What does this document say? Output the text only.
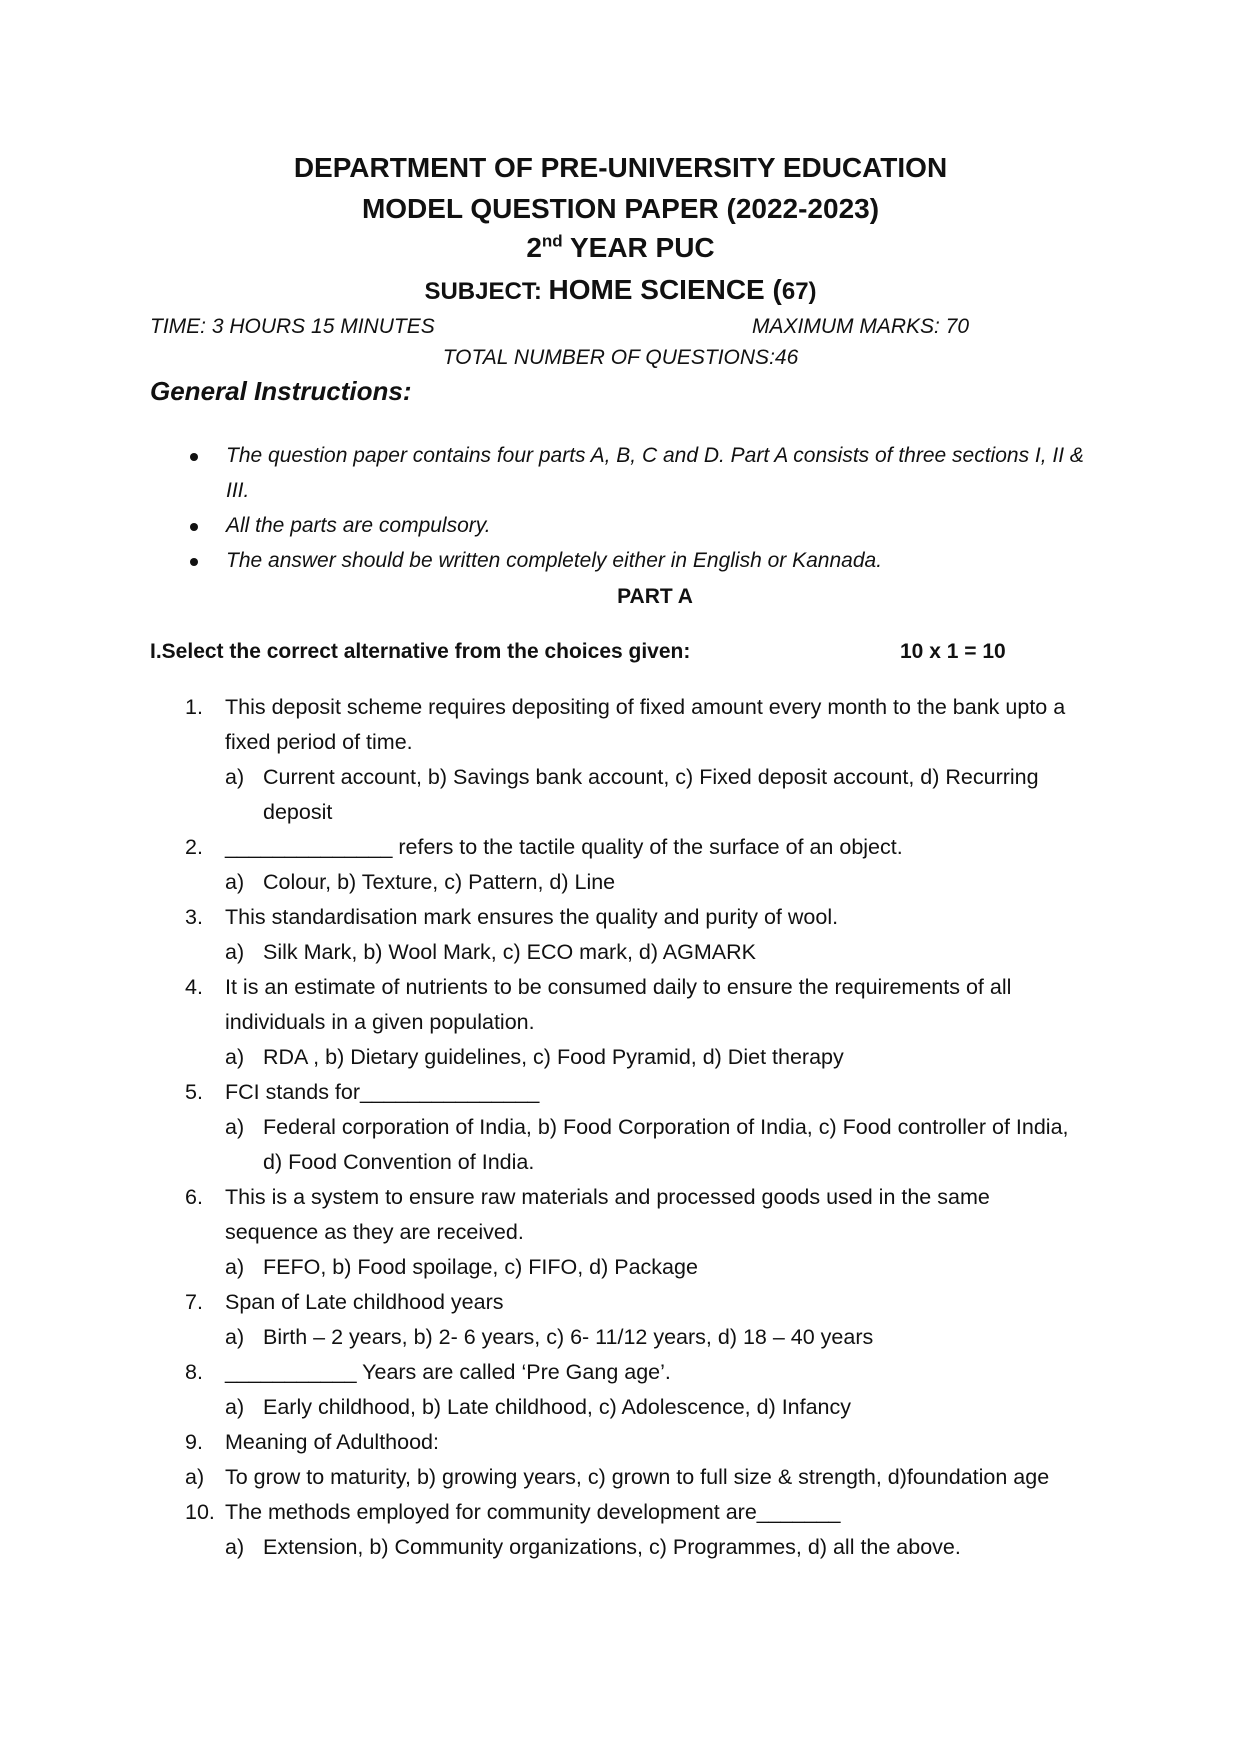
DEPARTMENT OF PRE-UNIVERSITY EDUCATION
MODEL QUESTION PAPER (2022-2023)
2nd YEAR PUC
SUBJECT: HOME SCIENCE (67)
TIME: 3 HOURS 15 MINUTES	MAXIMUM MARKS: 70
TOTAL NUMBER OF QUESTIONS:46
General Instructions:
The question paper contains four parts A, B, C and D. Part A consists of three sections I, II & III.
All the parts are compulsory.
The answer should be written completely either in English or Kannada.
PART A
I.Select the correct alternative from the choices given:	10 x 1 = 10
1. This deposit scheme requires depositing of fixed amount every month to the bank upto a fixed period of time.
a) Current account, b) Savings bank account, c) Fixed deposit account, d) Recurring deposit
2. ______________ refers to the tactile quality of the surface of an object.
a) Colour, b) Texture, c) Pattern, d) Line
3. This standardisation mark ensures the quality and purity of wool.
a) Silk Mark, b) Wool Mark, c) ECO mark, d) AGMARK
4. It is an estimate of nutrients to be consumed daily to ensure the requirements of all individuals in a given population.
a) RDA , b) Dietary guidelines, c) Food Pyramid, d) Diet therapy
5. FCI stands for_______________
a) Federal corporation of India, b) Food Corporation of India, c) Food controller of India, d) Food Convention of India.
6. This is a system to ensure raw materials and processed goods used in the same sequence as they are received.
a) FEFO, b) Food spoilage, c) FIFO, d) Package
7. Span of Late childhood years
a) Birth – 2 years, b) 2- 6 years, c) 6- 11/12 years, d) 18 – 40 years
8. ___________ Years are called ‘Pre Gang age’.
a) Early childhood, b) Late childhood, c) Adolescence, d) Infancy
9. Meaning of Adulthood:
a) To grow to maturity, b) growing years, c) grown to full size & strength, d)foundation age
10. The methods employed for community development are_______
a) Extension, b) Community organizations, c) Programmes, d) all the above.
